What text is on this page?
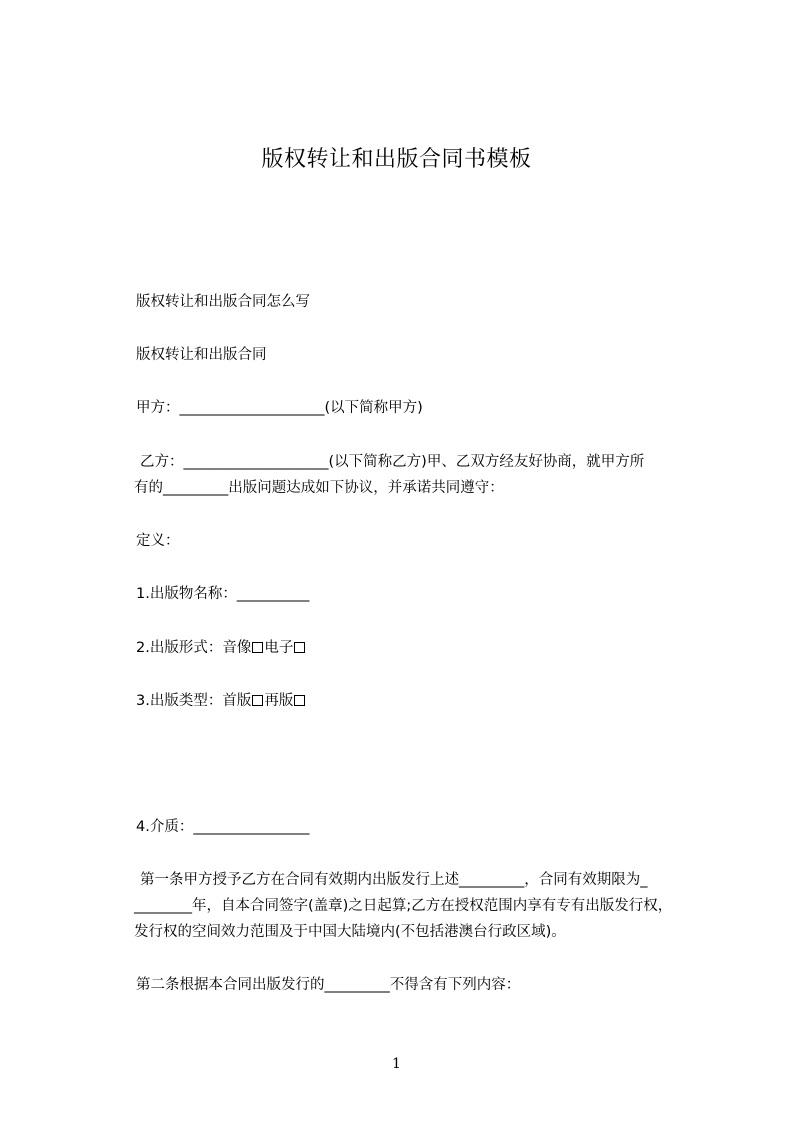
版权转让和出版合同书模板
版权转让和出版合同怎么写
版权转让和出版合同
甲方：____________________(以下简称甲方)
乙方：____________________(以下简称乙方)甲、乙双方经友好协商，就甲方所
有的_________出版问题达成如下协议，并承诺共同遵守：
定义：
1.出版物名称：__________
2.出版形式：音像 电子
3.出版类型：首版 再版
4.介质：________________
第一条甲方授予乙方在合同有效期内出版发行上述_________，合同有效期限为_
________年，自本合同签字(盖章)之日起算;乙方在授权范围内享有专有出版发行权，
发行权的空间效力范围及于中国大陆境内(不包括港澳台行政区域)。
第二条根据本合同出版发行的_________不得含有下列内容：
1
